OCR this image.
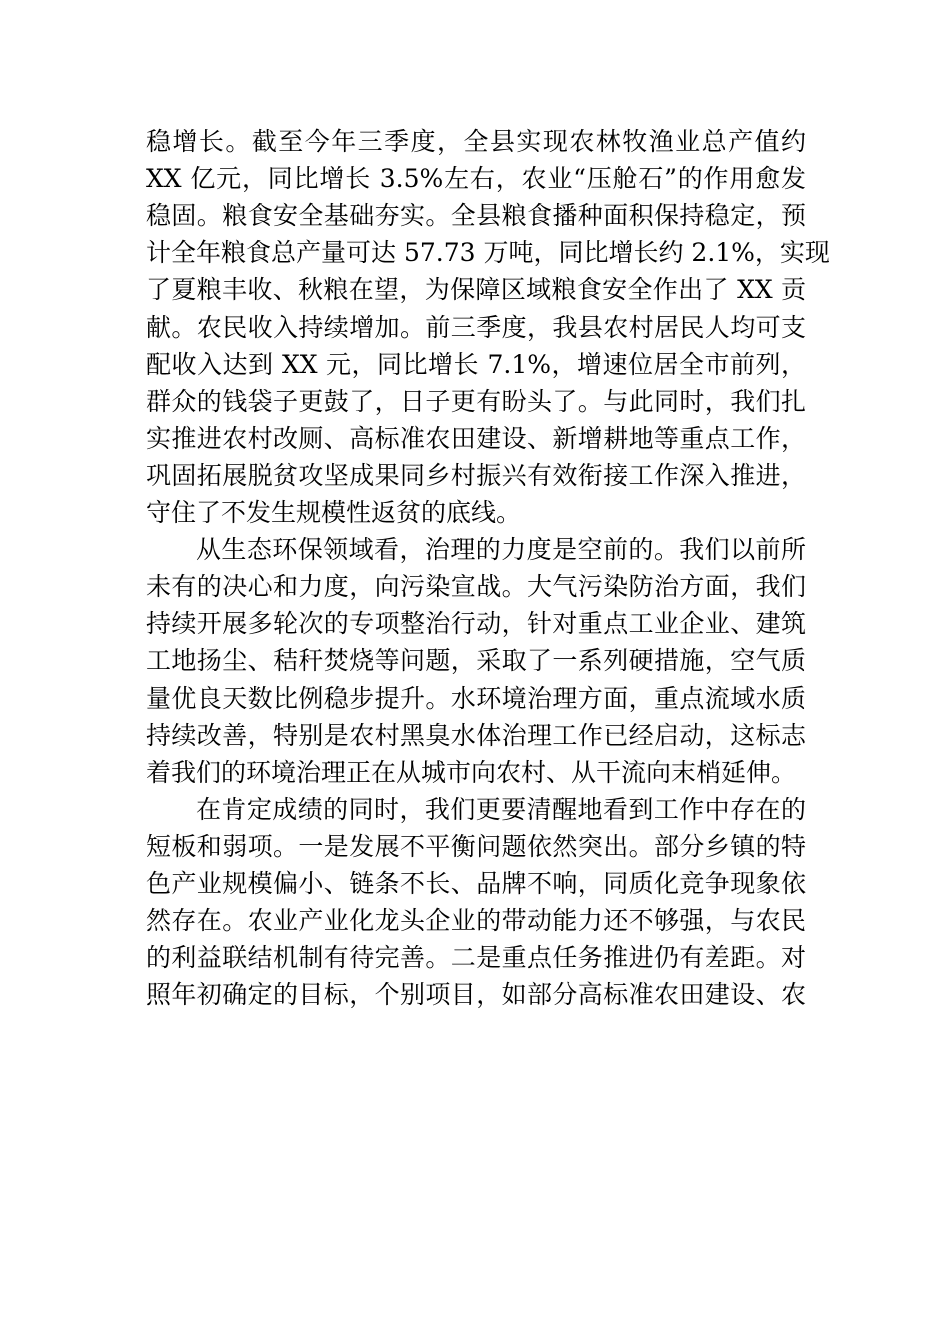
稳增长。截至今年三季度，全县实现农林牧渔业总产值约
XX 亿元，同比增长 3.5%左右，农业“压舱石”的作用愈发
稳固。粮食安全基础夯实。全县粮食播种面积保持稳定，预
计全年粮食总产量可达 57.73 万吨，同比增长约 2.1%，实现
了夏粮丰收、秋粮在望，为保障区域粮食安全作出了 XX 贡
献。农民收入持续增加。前三季度，我县农村居民人均可支
配收入达到 XX 元，同比增长 7.1%，增速位居全市前列，
群众的钱袋子更鼓了，日子更有盼头了。与此同时，我们扎
实推进农村改厕、高标准农田建设、新增耕地等重点工作，
巩固拓展脱贫攻坚成果同乡村振兴有效衔接工作深入推进，
守住了不发生规模性返贫的底线。
从生态环保领域看，治理的力度是空前的。我们以前所
未有的决心和力度，向污染宣战。大气污染防治方面，我们
持续开展多轮次的专项整治行动，针对重点工业企业、建筑
工地扬尘、秸秆焚烧等问题，采取了一系列硬措施，空气质
量优良天数比例稳步提升。水环境治理方面，重点流域水质
持续改善，特别是农村黑臭水体治理工作已经启动，这标志
着我们的环境治理正在从城市向农村、从干流向末梢延伸。
在肯定成绩的同时，我们更要清醒地看到工作中存在的
短板和弱项。一是发展不平衡问题依然突出。部分乡镇的特
色产业规模偏小、链条不长、品牌不响，同质化竞争现象依
然存在。农业产业化龙头企业的带动能力还不够强，与农民
的利益联结机制有待完善。二是重点任务推进仍有差距。对
照年初确定的目标，个别项目，如部分高标准农田建设、农
